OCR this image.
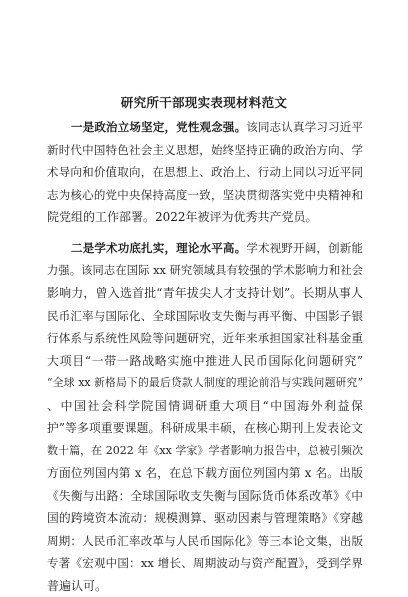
研究所干部现实表现材料范文
一是政治立场坚定，党性观念强。该同志认真学习习近平
新时代中国特色社会主义思想，始终坚持正确的政治方向、学
术导向和价值取向，在思想上、政治上、行动上同以习近平同
志为核心的党中央保持高度一致，坚决贯彻落实党中央精神和
院党组的工作部署。2022年被评为优秀共产党员。
二是学术功底扎实，理论水平高。学术视野开阔，创新能
力强。该同志在国际 xx 研究领域具有较强的学术影响力和社会
影响力，曾入选首批“青年拔尖人才支持计划”。长期从事人
民币汇率与国际化、全球国际收支失衡与再平衡、中国影子银
行体系与系统性风险等问题研究，近年来承担国家社科基金重
大项目“一带一路战略实施中推进人民币国际化问题研究”
“全球 xx 新格局下的最后贷款人制度的理论前沿与实践问题研究”
、中国社会科学院国情调研重大项目“中国海外利益保
护”等多项重要课题。科研成果丰硕，在核心期刊上发表论文
数十篇，在 2022 年《xx 学家》学者影响力报告中，总被引频次
方面位列国内第 x 名，在总下载方面位列国内第 x 名。出版
《失衡与出路：全球国际收支失衡与国际货币体系改革》《中
国的跨境资本流动：规模测算、驱动因素与管理策略》《穿越
周期：人民币汇率改革与人民币国际化》等三本论文集，出版
专著《宏观中国：xx 增长、周期波动与资产配置》，受到学界
普遍认可。
